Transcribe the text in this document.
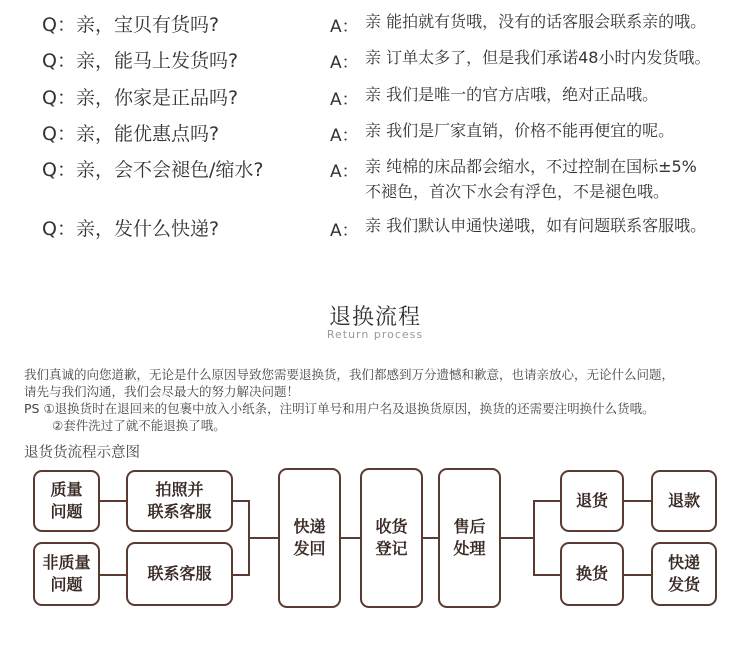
Q：亲，宝贝有货吗?	A： 亲 能拍就有货哦，没有的话客服会联系亲的哦。
Q：亲，能马上发货吗?	A： 亲 订单太多了，但是我们承诺48小时内发货哦。
Q：亲，你家是正品吗?	A： 亲 我们是唯一的官方店哦，绝对正品哦。
Q：亲，能优惠点吗?	A： 亲 我们是厂家直销，价格不能再便宜的呢。
Q：亲，会不会褪色/缩水?	A： 亲 纯棉的床品都会缩水，不过控制在国标±5%
不褪色，首次下水会有浮色，不是褪色哦。
Q：亲，发什么快递?	A： 亲 我们默认申通快递哦，如有问题联系客服哦。
退换流程
Return process

我们真诚的向您道歉，无论是什么原因导致您需要退换货，我们都感到万分遗憾和歉意，也请亲放心，无论什么问题，

请先与我们沟通，我们会尽最大的努力解决问题！

PS ①退换货时在退回来的包裹中放入小纸条，注明订单号和用户名及退换货原因，换货的还需要注明换什么货哦。

②套件洗过了就不能退换了哦。

退货货流程示意图
质量
问题
非质量
问题
拍照并
联系客服
联系客服
快递
发回
收货
登记
售后
处理
退货
换货
退款
快递
发货
